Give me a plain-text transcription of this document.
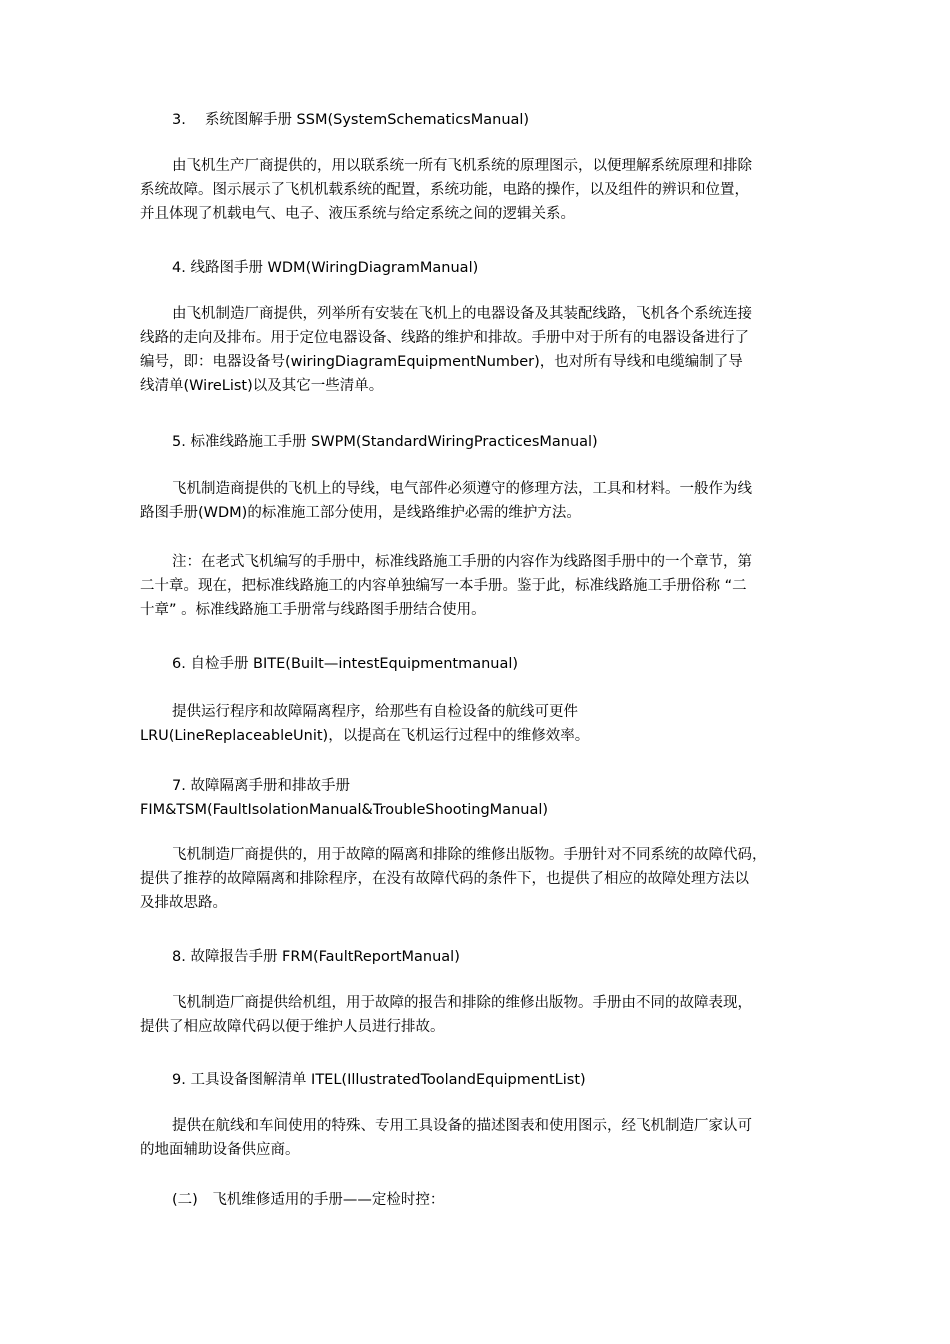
3.　 系统图解手册 SSM(SystemSchematicsManual)
由飞机生产厂商提供的，用以联系统一所有飞机系统的原理图示，以便理解系统原理和排除
系统故障。图示展示了飞机机载系统的配置，系统功能，电路的操作，以及组件的辨识和位置，
并且体现了机载电气、电子、液压系统与给定系统之间的逻辑关系。
4. 线路图手册 WDM(WiringDiagramManual)
由飞机制造厂商提供，列举所有安装在飞机上的电器设备及其装配线路，飞机各个系统连接
线路的走向及排布。用于定位电器设备、线路的维护和排故。手册中对于所有的电器设备进行了
编号，即：电器设备号(wiringDiagramEquipmentNumber)，也对所有导线和电缆编制了导
线清单(WireList)以及其它一些清单。
5. 标准线路施工手册 SWPM(StandardWiringPracticesManual)
飞机制造商提供的飞机上的导线，电气部件必须遵守的修理方法，工具和材料。一般作为线
路图手册(WDM)的标准施工部分使用，是线路维护必需的维护方法。
注：在老式飞机编写的手册中，标准线路施工手册的内容作为线路图手册中的一个章节，第
二十章。现在，把标准线路施工的内容单独编写一本手册。鉴于此，标准线路施工手册俗称 “二
十章” 。标准线路施工手册常与线路图手册结合使用。
6. 自检手册 BITE(Built—intestEquipmentmanual)
提供运行程序和故障隔离程序，给那些有自检设备的航线可更件
LRU(LineReplaceableUnit)，以提高在飞机运行过程中的维修效率。
7. 故障隔离手册和排故手册
FIM&TSM(FaultIsolationManual&TroubleShootingManual)
飞机制造厂商提供的，用于故障的隔离和排除的维修出版物。手册针对不同系统的故障代码，
提供了推荐的故障隔离和排除程序，在没有故障代码的条件下，也提供了相应的故障处理方法以
及排故思路。
8. 故障报告手册 FRM(FaultReportManual)
飞机制造厂商提供给机组，用于故障的报告和排除的维修出版物。手册由不同的故障表现，
提供了相应故障代码以便于维护人员进行排故。
9. 工具设备图解清单 ITEL(IllustratedToolandEquipmentList)
提供在航线和车间使用的特殊、专用工具设备的描述图表和使用图示，经飞机制造厂家认可
的地面辅助设备供应商。
(二)　飞机维修适用的手册——定检时控：
